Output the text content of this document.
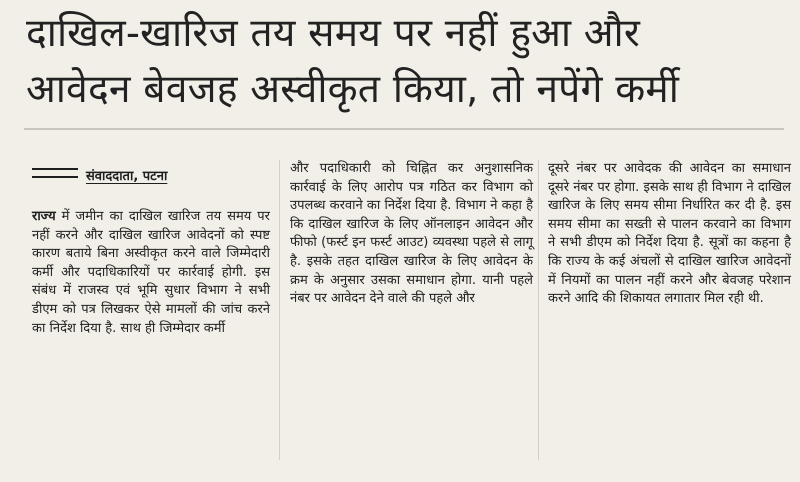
दाखिल-खारिज तय समय पर नहीं हुआ और
आवेदन बेवजह अस्वीकृत किया, तो नपेंगे कर्मी
संवाददाता, पटना

राज्य में जमीन का दाखिल खारिज तय समय पर नहीं करने और दाखिल खारिज आवेदनों को स्पष्ट कारण बताये बिना अस्वीकृत करने वाले जिम्मेदारी कर्मी और पदाधिकारियों पर कार्रवाई होगी. इस संबंध में राजस्व एवं भूमि सुधार विभाग ने सभी डीएम को पत्र लिखकर ऐसे मामलों की जांच करने का निर्देश दिया है. साथ ही जिम्मेदार कर्मी

और पदाधिकारी को चिह्नित कर अनुशासनिक कार्रवाई के लिए आरोप पत्र गठित कर विभाग को उपलब्ध करवाने का निर्देश दिया है. विभाग ने कहा है कि दाखिल खारिज के लिए ऑनलाइन आवेदन और फीफो (फर्स्ट इन फर्स्ट आउट) व्यवस्था पहले से लागू है. इसके तहत दाखिल खारिज के लिए आवेदन के क्रम के अनुसार उसका समाधान होगा. यानी पहले नंबर पर आवेदन देने वाले की पहले और

दूसरे नंबर पर आवेदक की आवेदन का समाधान दूसरे नंबर पर होगा. इसके साथ ही विभाग ने दाखिल खारिज के लिए समय सीमा निर्धारित कर दी है. इस समय सीमा का सख्ती से पालन करवाने का विभाग ने सभी डीएम को निर्देश दिया है. सूत्रों का कहना है कि राज्य के कई अंचलों से दाखिल खारिज आवेदनों में नियमों का पालन नहीं करने और बेवजह परेशान करने आदि की शिकायत लगातार मिल रही थी.
